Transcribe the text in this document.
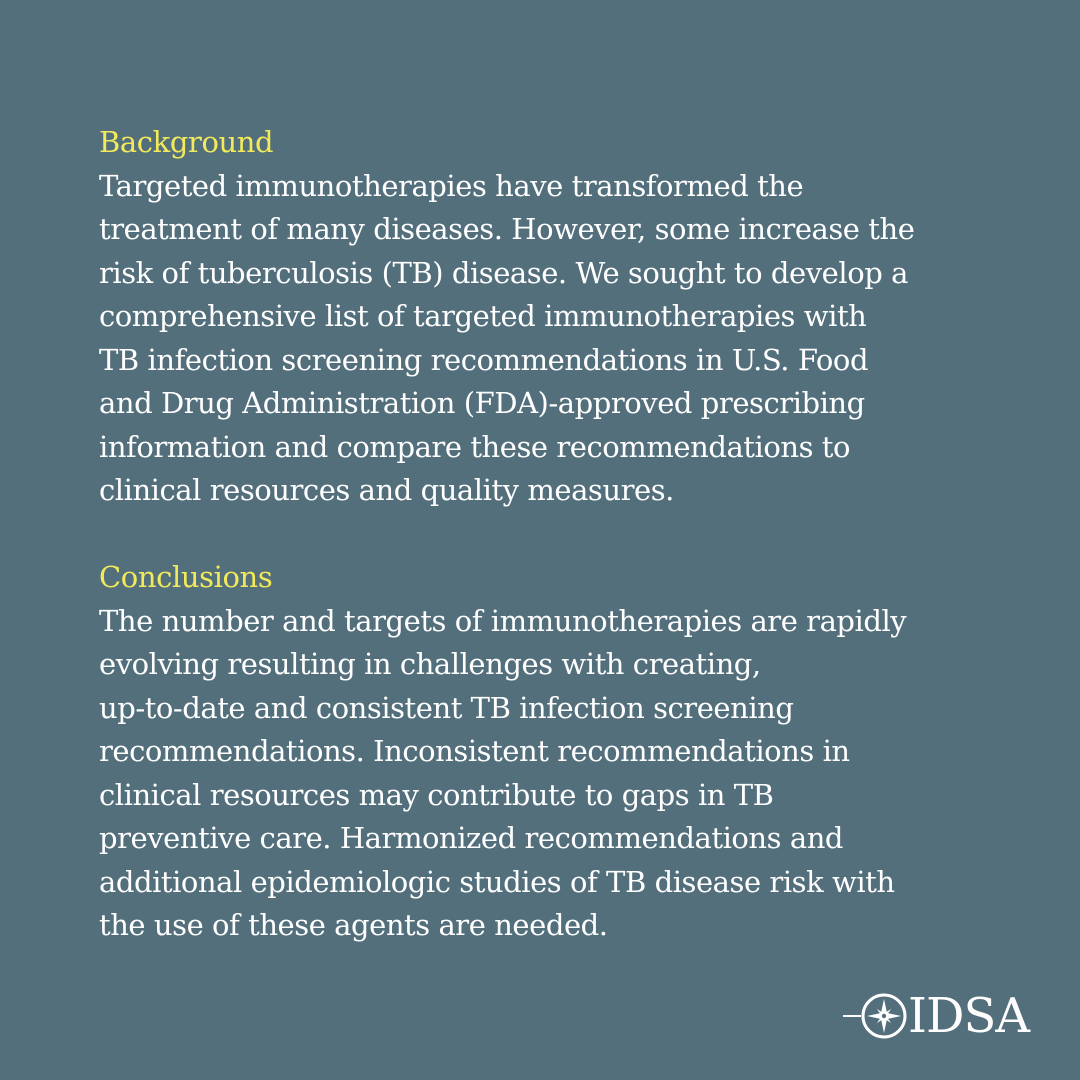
Background
Targeted immunotherapies have transformed the
treatment of many diseases. However, some increase the
risk of tuberculosis (TB) disease. We sought to develop a
comprehensive list of targeted immunotherapies with
TB infection screening recommendations in U.S. Food
and Drug Administration (FDA)-approved prescribing
information and compare these recommendations to
clinical resources and quality measures.
Conclusions
The number and targets of immunotherapies are rapidly
evolving resulting in challenges with creating,
up-to-date and consistent TB infection screening
recommendations. Inconsistent recommendations in
clinical resources may contribute to gaps in TB
preventive care. Harmonized recommendations and
additional epidemiologic studies of TB disease risk with
the use of these agents are needed.
IDSA
